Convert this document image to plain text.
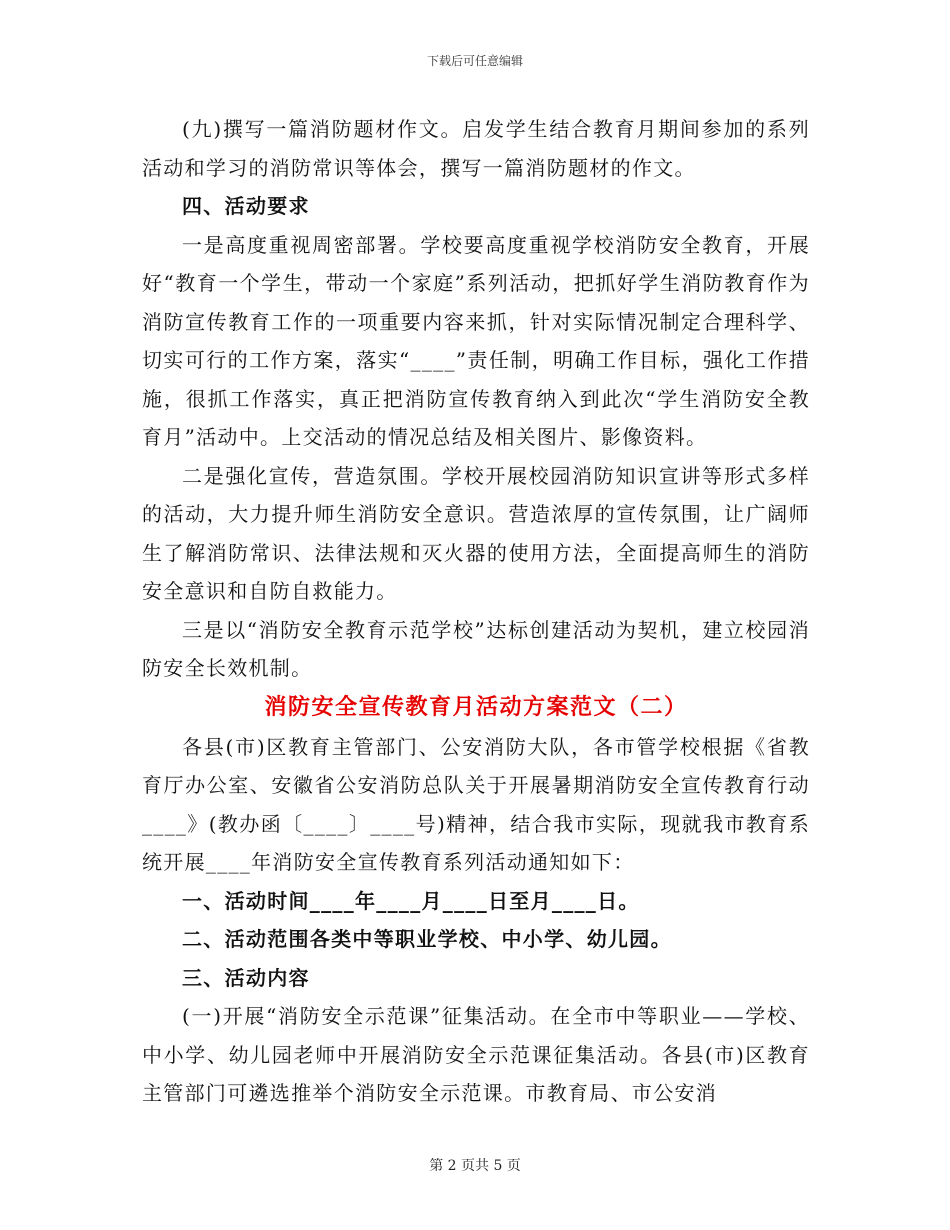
下载后可任意编辑

(九)撰写一篇消防题材作文。启发学生结合教育月期间参加的系列活动和学习的消防常识等体会，撰写一篇消防题材的作文。

四、活动要求

一是高度重视周密部署。学校要高度重视学校消防安全教育，开展好“教育一个学生，带动一个家庭”系列活动，把抓好学生消防教育作为消防宣传教育工作的一项重要内容来抓，针对实际情况制定合理科学、切实可行的工作方案，落实“____”责任制，明确工作目标，强化工作措施，很抓工作落实，真正把消防宣传教育纳入到此次“学生消防安全教育月”活动中。上交活动的情况总结及相关图片、影像资料。

二是强化宣传，营造氛围。学校开展校园消防知识宣讲等形式多样的活动，大力提升师生消防安全意识。营造浓厚的宣传氛围，让广阔师生了解消防常识、法律法规和灭火器的使用方法，全面提高师生的消防安全意识和自防自救能力。

三是以“消防安全教育示范学校”达标创建活动为契机，建立校园消防安全长效机制。

消防安全宣传教育月活动方案范文（二）

各县(市)区教育主管部门、公安消防大队，各市管学校根据《省教育厅办公室、安徽省公安消防总队关于开展暑期消防安全宣传教育行动____》(教办函〔____〕____号)精神，结合我市实际，现就我市教育系统开展____年消防安全宣传教育系列活动通知如下：

一、活动时间____年____月____日至月____日。

二、活动范围各类中等职业学校、中小学、幼儿园。

三、活动内容

(一)开展“消防安全示范课”征集活动。在全市中等职业——学校、中小学、幼儿园老师中开展消防安全示范课征集活动。各县(市)区教育主管部门可遴选推举个消防安全示范课。市教育局、市公安消

第 2 页共 5 页
